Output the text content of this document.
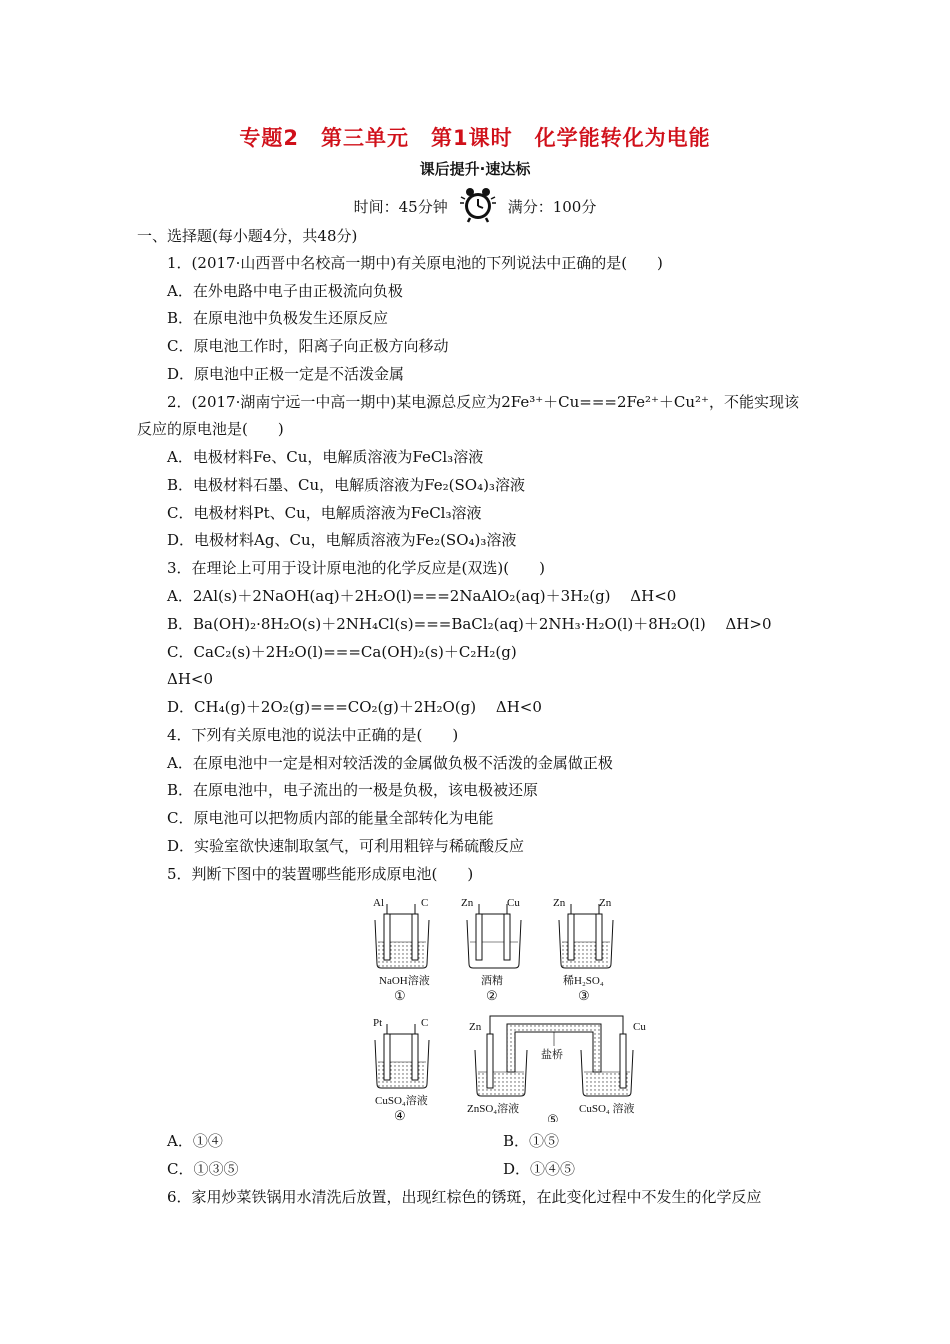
专题2　第三单元　第1课时　化学能转化为电能
课后提升·速达标
时间：45分钟	满分：100分
一、选择题(每小题4分，共48分)
1．(2017·山西晋中名校高一期中)有关原电池的下列说法中正确的是(　　)
A．在外电路中电子由正极流向负极
B．在原电池中负极发生还原反应
C．原电池工作时，阳离子向正极方向移动
D．原电池中正极一定是不活泼金属
2．(2017·湖南宁远一中高一期中)某电源总反应为2Fe³⁺＋Cu===2Fe²⁺＋Cu²⁺，不能实现该
反应的原电池是(　　)
A．电极材料Fe、Cu，电解质溶液为FeCl₃溶液
B．电极材料石墨、Cu，电解质溶液为Fe₂(SO₄)₃溶液
C．电极材料Pt、Cu，电解质溶液为FeCl₃溶液
D．电极材料Ag、Cu，电解质溶液为Fe₂(SO₄)₃溶液
3．在理论上可用于设计原电池的化学反应是(双选)(　　)
A．2Al(s)＋2NaOH(aq)＋2H₂O(l)===2NaAlO₂(aq)＋3H₂(g)　 ΔH<0
B．Ba(OH)₂·8H₂O(s)＋2NH₄Cl(s)===BaCl₂(aq)＋2NH₃·H₂O(l)＋8H₂O(l)　 ΔH>0
C．CaC₂(s)＋2H₂O(l)===Ca(OH)₂(s)＋C₂H₂(g)
ΔH<0
D．CH₄(g)＋2O₂(g)===CO₂(g)＋2H₂O(g)　 ΔH<0
4．下列有关原电池的说法中正确的是(　　)
A．在原电池中一定是相对较活泼的金属做负极不活泼的金属做正极
B．在原电池中，电子流出的一极是负极，该电极被还原
C．原电池可以把物质内部的能量全部转化为电能
D．实验室欲快速制取氢气，可利用粗锌与稀硫酸反应
5．判断下图中的装置哪些能形成原电池(　　)
Al	C
NaOH溶液
①
Zn	Cu
酒精
②
Zn	Zn
稀H₂SO₄
③
Pt	C
CuSO₄溶液
④
Zn	Cu
盐桥
ZnSO₄溶液	CuSO₄ 溶液
⑤
A．①④	B．①⑤
C．①③⑤	D．①④⑤
6．家用炒菜铁锅用水清洗后放置，出现红棕色的锈斑，在此变化过程中不发生的化学反应
